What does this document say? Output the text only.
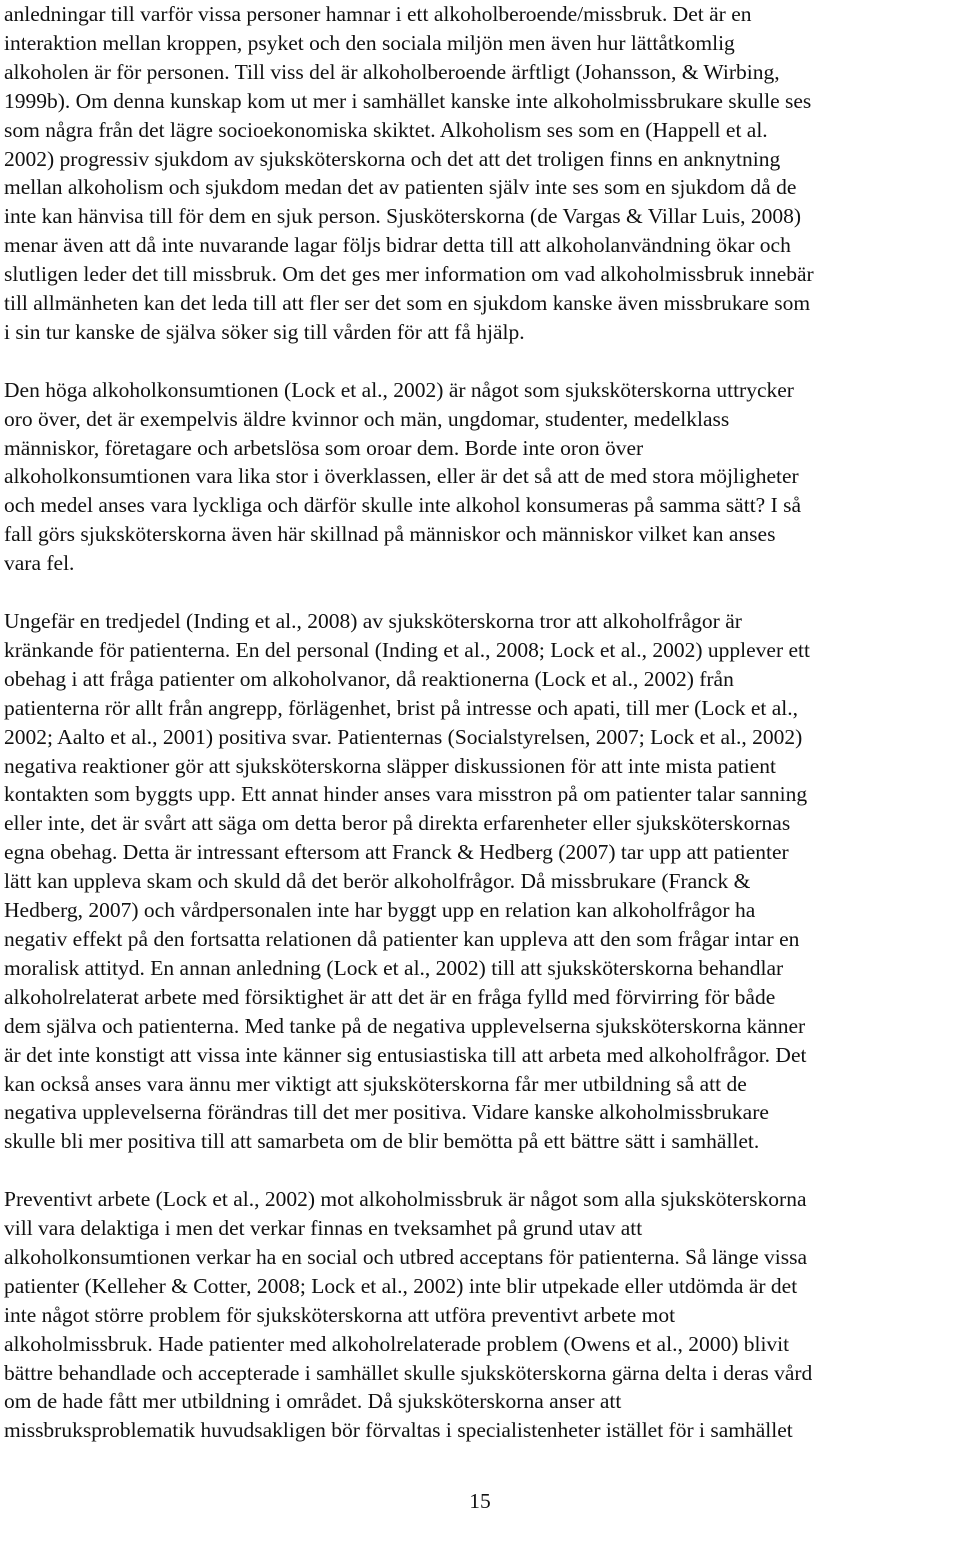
anledningar till varför vissa personer hamnar i ett alkoholberoende/missbruk. Det är en
interaktion mellan kroppen, psyket och den sociala miljön men även hur lättåtkomlig
alkoholen är för personen. Till viss del är alkoholberoende ärftligt (Johansson, & Wirbing,
1999b). Om denna kunskap kom ut mer i samhället kanske inte alkoholmissbrukare skulle ses
som några från det lägre socioekonomiska skiktet. Alkoholism ses som en (Happell et al.
2002) progressiv sjukdom av sjuksköterskorna och det att det troligen finns en anknytning
mellan alkoholism och sjukdom medan det av patienten själv inte ses som en sjukdom då de
inte kan hänvisa till för dem en sjuk person. Sjusköterskorna (de Vargas & Villar Luis, 2008)
menar även att då inte nuvarande lagar följs bidrar detta till att alkoholanvändning ökar och
slutligen leder det till missbruk. Om det ges mer information om vad alkoholmissbruk innebär
till allmänheten kan det leda till att fler ser det som en sjukdom kanske även missbrukare som
i sin tur kanske de själva söker sig till vården för att få hjälp.
Den höga alkoholkonsumtionen (Lock et al., 2002) är något som sjuksköterskorna uttrycker
oro över, det är exempelvis äldre kvinnor och män, ungdomar, studenter, medelklass
människor, företagare och arbetslösa som oroar dem. Borde inte oron över
alkoholkonsumtionen vara lika stor i överklassen, eller är det så att de med stora möjligheter
och medel anses vara lyckliga och därför skulle inte alkohol konsumeras på samma sätt? I så
fall görs sjuksköterskorna även här skillnad på människor och människor vilket kan anses
vara fel.
Ungefär en tredjedel (Inding et al., 2008) av sjuksköterskorna tror att alkoholfrågor är
kränkande för patienterna. En del personal (Inding et al., 2008; Lock et al., 2002) upplever ett
obehag i att fråga patienter om alkoholvanor, då reaktionerna (Lock et al., 2002) från
patienterna rör allt från angrepp, förlägenhet, brist på intresse och apati, till mer (Lock et al.,
2002; Aalto et al., 2001) positiva svar. Patienternas (Socialstyrelsen, 2007; Lock et al., 2002)
negativa reaktioner gör att sjuksköterskorna släpper diskussionen för att inte mista patient
kontakten som byggts upp. Ett annat hinder anses vara misstron på om patienter talar sanning
eller inte, det är svårt att säga om detta beror på direkta erfarenheter eller sjuksköterskornas
egna obehag. Detta är intressant eftersom att Franck & Hedberg (2007) tar upp att patienter
lätt kan uppleva skam och skuld då det berör alkoholfrågor. Då missbrukare (Franck &
Hedberg, 2007) och vårdpersonalen inte har byggt upp en relation kan alkoholfrågor ha
negativ effekt på den fortsatta relationen då patienter kan uppleva att den som frågar intar en
moralisk attityd. En annan anledning (Lock et al., 2002) till att sjuksköterskorna behandlar
alkoholrelaterat arbete med försiktighet är att det är en fråga fylld med förvirring för både
dem själva och patienterna. Med tanke på de negativa upplevelserna sjuksköterskorna känner
är det inte konstigt att vissa inte känner sig entusiastiska till att arbeta med alkoholfrågor. Det
kan också anses vara ännu mer viktigt att sjuksköterskorna får mer utbildning så att de
negativa upplevelserna förändras till det mer positiva. Vidare kanske alkoholmissbrukare
skulle bli mer positiva till att samarbeta om de blir bemötta på ett bättre sätt i samhället.
Preventivt arbete (Lock et al., 2002) mot alkoholmissbruk är något som alla sjuksköterskorna
vill vara delaktiga i men det verkar finnas en tveksamhet på grund utav att
alkoholkonsumtionen verkar ha en social och utbred acceptans för patienterna. Så länge vissa
patienter (Kelleher & Cotter, 2008; Lock et al., 2002) inte blir utpekade eller utdömda är det
inte något större problem för sjuksköterskorna att utföra preventivt arbete mot
alkoholmissbruk. Hade patienter med alkoholrelaterade problem (Owens et al., 2000) blivit
bättre behandlade och accepterade i samhället skulle sjuksköterskorna gärna delta i deras vård
om de hade fått mer utbildning i området. Då sjuksköterskorna anser att
missbruksproblematik huvudsakligen bör förvaltas i specialistenheter istället för i samhället
15
